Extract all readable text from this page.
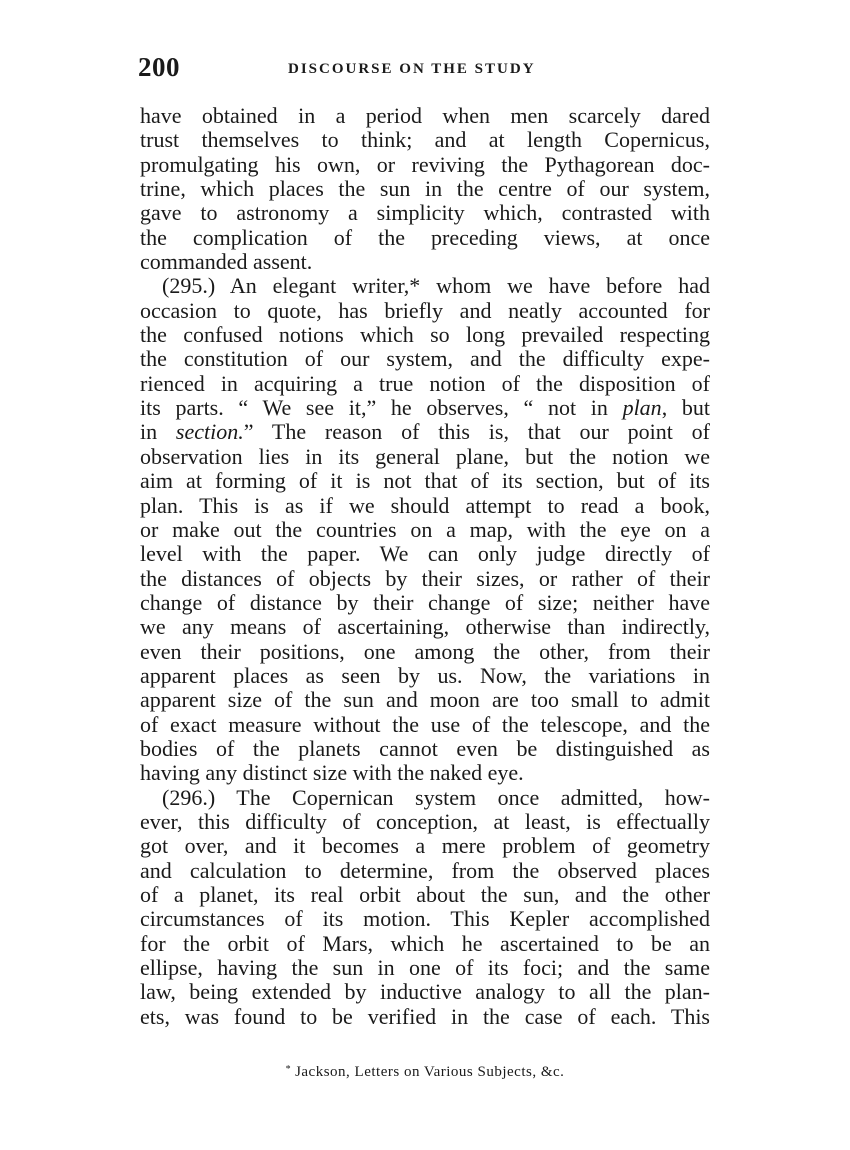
200	DISCOURSE ON THE STUDY
have obtained in a period when men scarcely dared
trust themselves to think; and at length Copernicus,
promulgating his own, or reviving the Pythagorean doc-
trine, which places the sun in the centre of our system,
gave to astronomy a simplicity which, contrasted with
the complication of the preceding views, at once
commanded assent.
(295.) An elegant writer,* whom we have before had
occasion to quote, has briefly and neatly accounted for
the confused notions which so long prevailed respecting
the constitution of our system, and the difficulty expe-
rienced in acquiring a true notion of the disposition of
its parts. “ We see it,” he observes, “ not in plan, but
in section.” The reason of this is, that our point of
observation lies in its general plane, but the notion we
aim at forming of it is not that of its section, but of its
plan. This is as if we should attempt to read a book,
or make out the countries on a map, with the eye on a
level with the paper. We can only judge directly of
the distances of objects by their sizes, or rather of their
change of distance by their change of size; neither have
we any means of ascertaining, otherwise than indirectly,
even their positions, one among the other, from their
apparent places as seen by us. Now, the variations in
apparent size of the sun and moon are too small to admit
of exact measure without the use of the telescope, and the
bodies of the planets cannot even be distinguished as
having any distinct size with the naked eye.
(296.) The Copernican system once admitted, how-
ever, this difficulty of conception, at least, is effectually
got over, and it becomes a mere problem of geometry
and calculation to determine, from the observed places
of a planet, its real orbit about the sun, and the other
circumstances of its motion. This Kepler accomplished
for the orbit of Mars, which he ascertained to be an
ellipse, having the sun in one of its foci; and the same
law, being extended by inductive analogy to all the plan-
ets, was found to be verified in the case of each. This
* Jackson, Letters on Various Subjects, &c.
